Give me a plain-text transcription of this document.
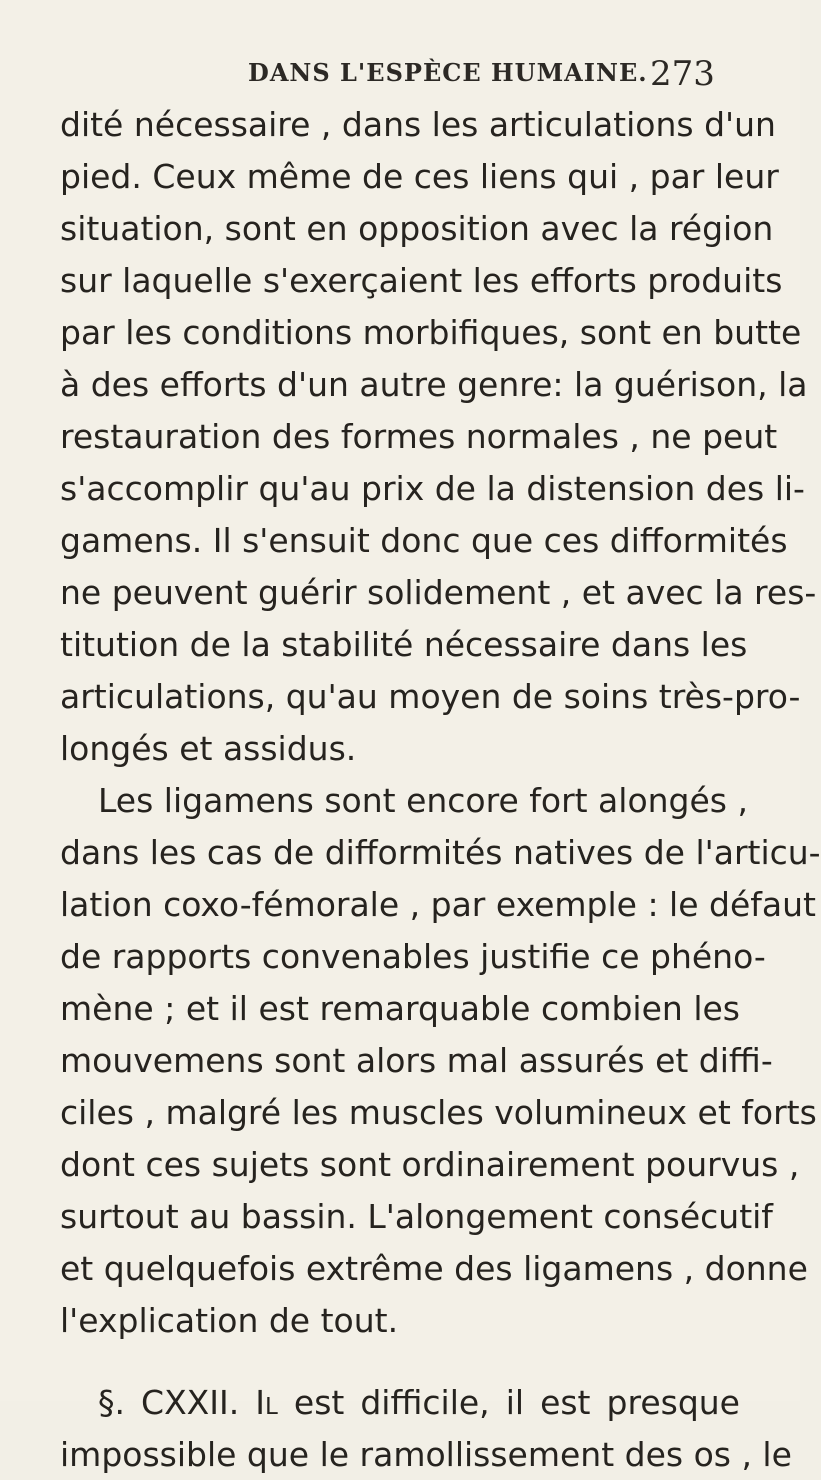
DANS L'ESPÈCE HUMAINE. 273
dité nécessaire , dans les articulations d'un
pied. Ceux même de ces liens qui , par leur
situation, sont en opposition avec la région
sur laquelle s'exerçaient les efforts produits
par les conditions morbifiques, sont en butte
à des efforts d'un autre genre: la guérison, la
restauration des formes normales , ne peut
s'accomplir qu'au prix de la distension des li-
gamens. Il s'ensuit donc que ces difformités
ne peuvent guérir solidement , et avec la res-
titution de la stabilité nécessaire dans les
articulations, qu'au moyen de soins très-pro-
longés et assidus.
Les ligamens sont encore fort alongés ,
dans les cas de difformités natives de l'articu-
lation coxo-fémorale , par exemple : le défaut
de rapports convenables justifie ce phéno-
mène ; et il est remarquable combien les
mouvemens sont alors mal assurés et diffi-
ciles , malgré les muscles volumineux et forts
dont ces sujets sont ordinairement pourvus ,
surtout au bassin. L'alongement consécutif
et quelquefois extrême des ligamens , donne
l'explication de tout.
§. CXXII. Il est difficile, il est presque
impossible que le ramollissement des os , le
